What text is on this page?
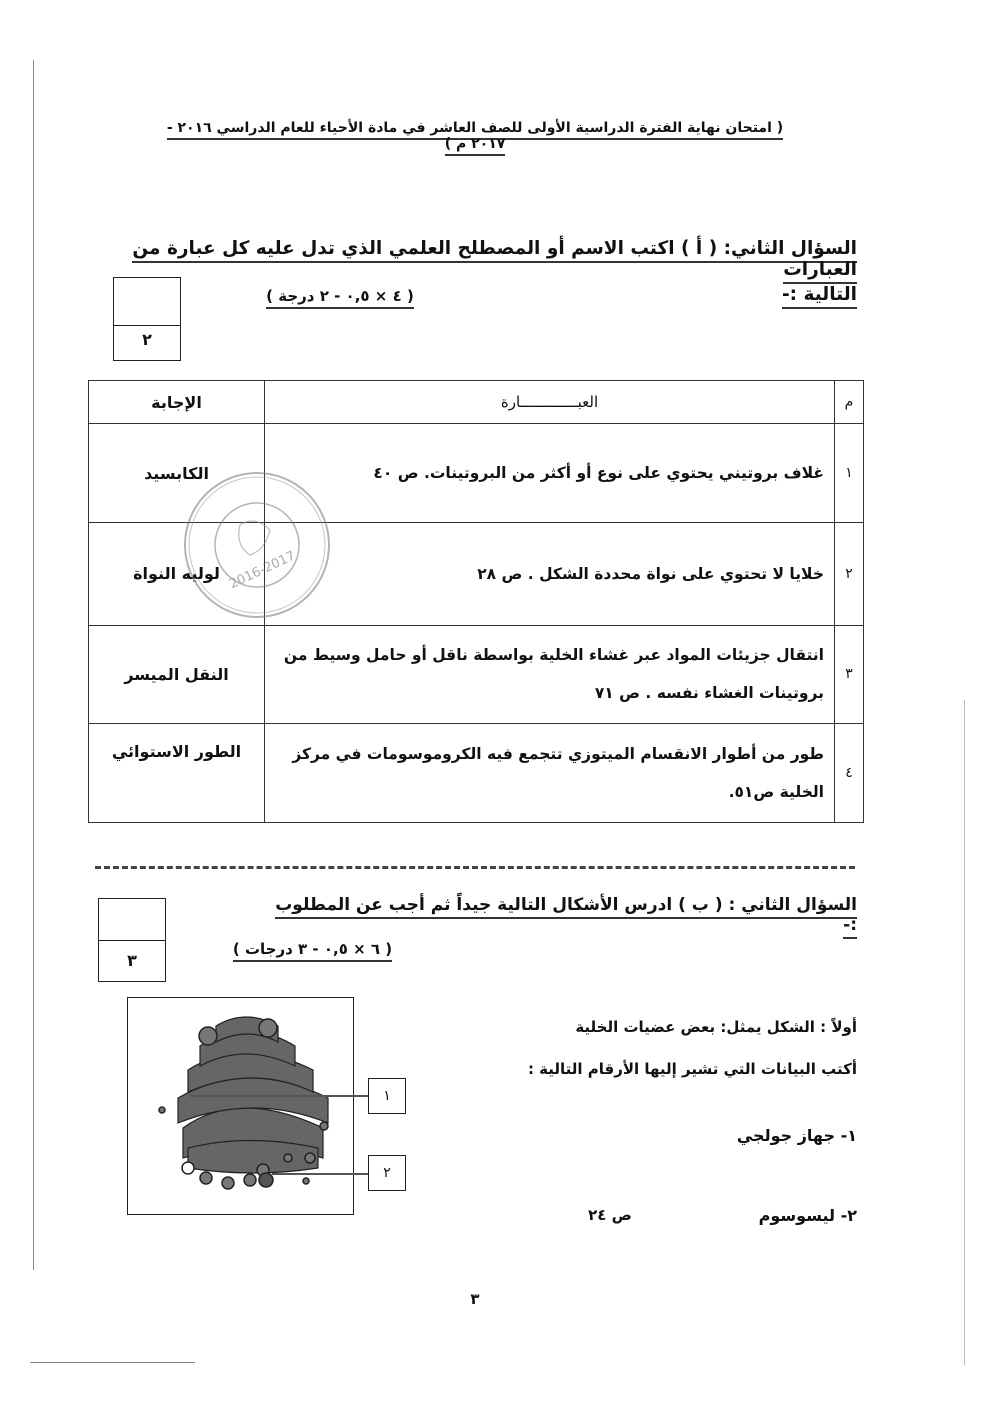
( امتحان نهاية الفترة الدراسية الأولى للصف العاشر في مادة الأحياء للعام الدراسي ٢٠١٦ - ٢٠١٧ م )
السؤال الثاني: ( أ ) اكتب الاسم أو المصطلح العلمي الذي تدل عليه كل عبارة من العبارات
التالية :-
( ٤ × ٠,٥ - ٢ درجة )
٢
م	العبـــــــــــــارة	الإجابة
١	غلاف بروتيني يحتوي على نوع أو أكثر من البروتينات. ص ٤٠	الكابسيد
٢	خلايا لا تحتوي على نواة محددة الشكل . ص ٢٨	لوليه النواة
٣	انتقال جزيئات المواد عبر غشاء الخلية بواسطة ناقل أو حامل وسيط من بروتينات الغشاء نفسه . ص ٧١	النقل الميسر
٤	طور من أطوار الانقسام الميتوزي تتجمع فيه الكروموسومات في مركز الخلية ص٥١.	الطور الاستوائي
2016-2017
السؤال الثاني : ( ب ) ادرس الأشكال التالية جيداً ثم أجب عن المطلوب :-
( ٦ × ٠,٥ - ٣ درجات )
٣
١
٢
أولاً : الشكل يمثل: بعض عضيات الخلية
أكتب البيانات التي تشير إليها الأرقام التالية :
١- جهاز جولجي
٢- ليسوسوم
ص ٢٤
٣
